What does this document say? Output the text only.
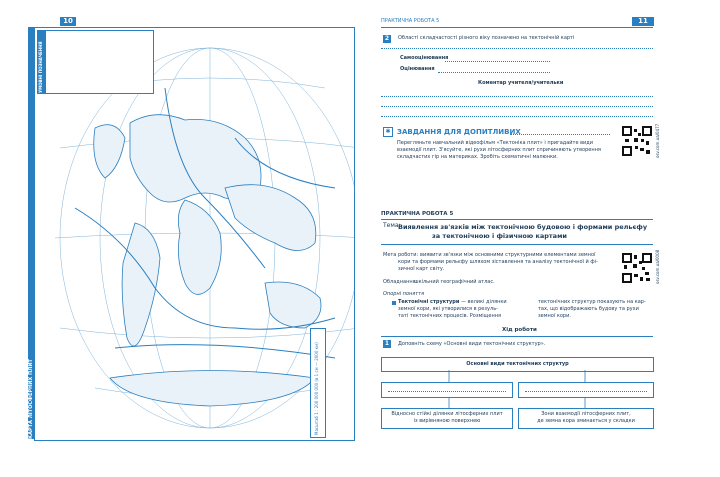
10
УМОВНІ ПОЗНАЧЕННЯ
Масштаб 1 : 200 000 000 (в 1 см — 2000 км)
КАРТА ЛІТОСФЕРНИХ ПЛИТ
ПРАКТИЧНА РОБОТА 5	11
2	Області складчастості різного віку позначено на тектонічній карті
Самооцінювання
Оцінювання
Коментар учителя/учительки
✱ ЗАВДАННЯ ДЛЯ ДОПИТЛИВИХ
Перегляньте навчальний відеофільм «Тектоніка плит» і пригадайте види
взаємодії плит. З'ясуйте, які рухи літосферних плит спричиняють утворення
складчастих гір на материках. Зробіть схематичні малюнки.	osv.com.ua/0477
ПРАКТИЧНА РОБОТА 5
Тема:
Виявлення зв'язків між тектонічною будовою і формами рельєфу
за тектонічною і фізичною картами
Мета роботи: виявити зв'язки між основними структурними елементами земної
кори та формами рельєфу шляхом зіставлення та аналізу тектонічної й фі-
зичної карт світу.
Обладнання:
шкільний географічний атлас.	osv.com.ua/0008
Опорні поняття
Тектонічні структури — великі ділянки
земної кори, які утворилися в резуль-
таті тектонічних процесів. Розміщення
тектонічних структур показують на кар-
тах, що відображають будову та рухи
земної кори.
Хід роботи
1	Доповніть схему «Основні види тектонічних структур».
Основні види тектонічних структур
Відносно стійкі ділянки літосферних плит
із вирівняною поверхнею
Зони взаємодії літосферних плит,
де земна кора зминається у складки
